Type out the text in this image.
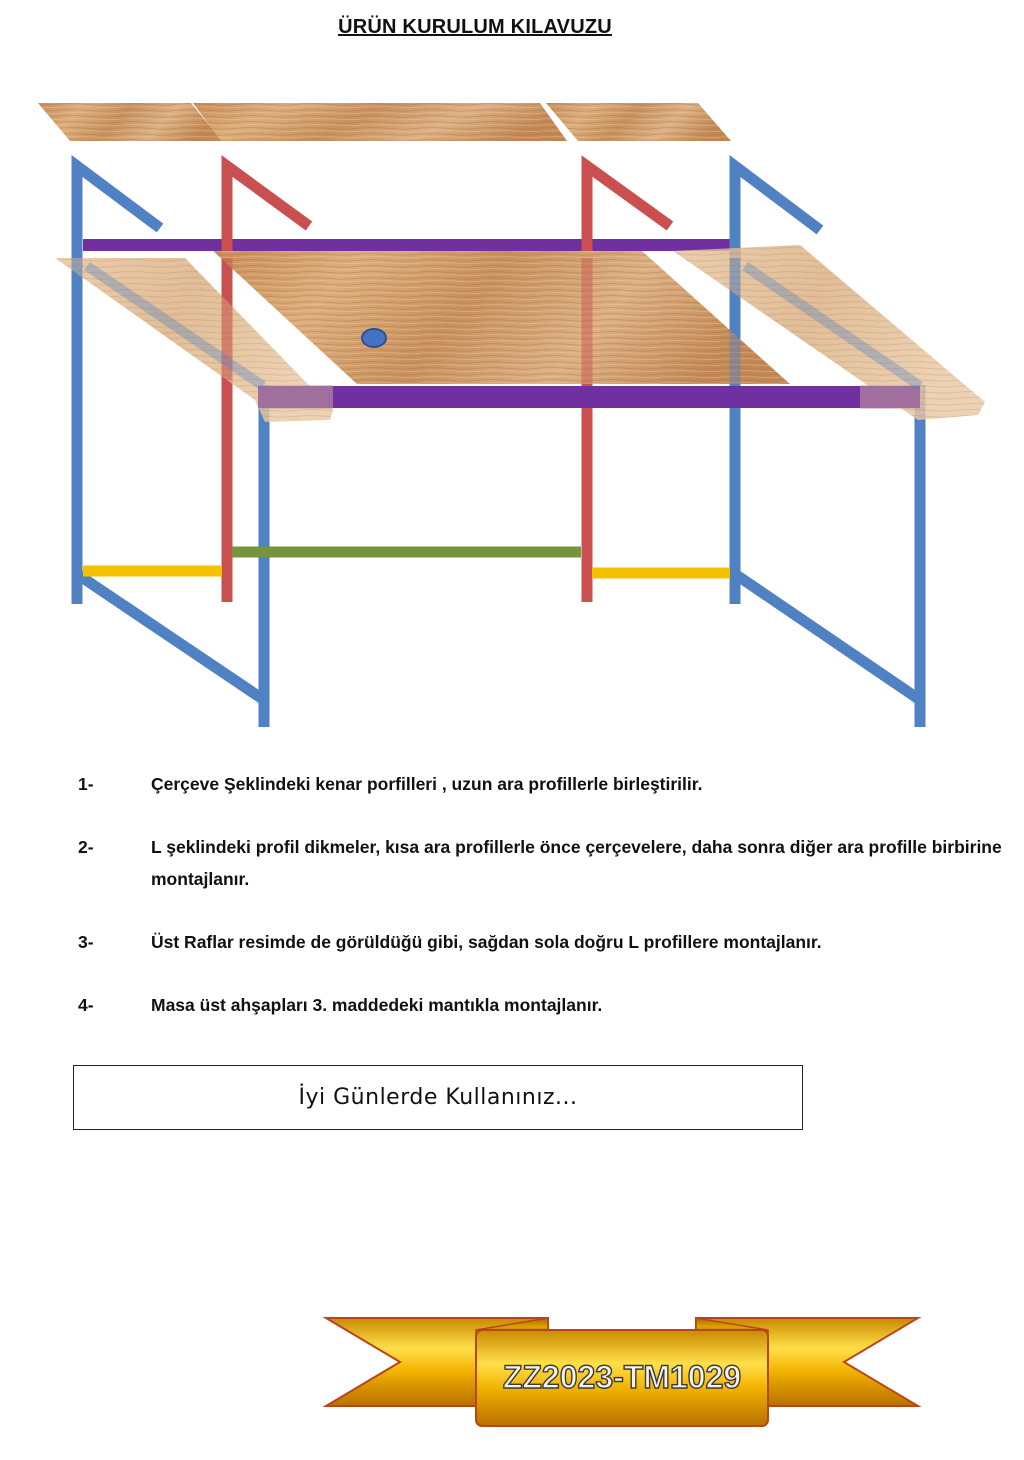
ÜRÜN KURULUM KILAVUZU
1-	Çerçeve Şeklindeki kenar porfilleri , uzun ara profillerle birleştirilir.
2-	L şeklindeki profil dikmeler, kısa ara profillerle önce çerçevelere, daha sonra diğer ara profille birbirine montajlanır.
3-	Üst Raflar resimde de görüldüğü gibi, sağdan sola doğru L profillere montajlanır.
4-	Masa üst ahşapları 3. maddedeki mantıkla montajlanır.
İyi Günlerde Kullanınız...
ZZ2023-TM1029
